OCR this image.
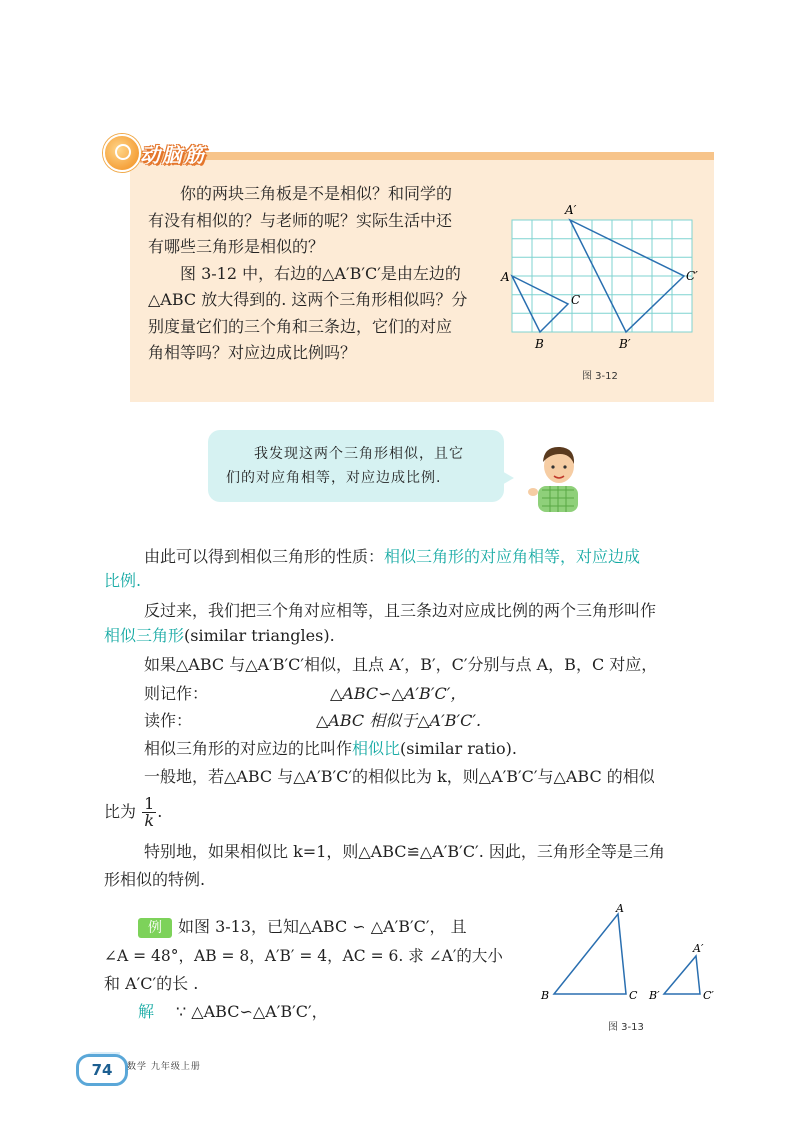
动脑筋

你的两块三角板是不是相似？和同学的

有没有相似的？与老师的呢？实际生活中还

有哪些三角形是相似的？

图 3-12 中，右边的△A′B′C′是由左边的

△ABC 放大得到的. 这两个三角形相似吗？分

别度量它们的三个角和三条边，它们的对应

角相等吗？对应边成比例吗？

A
B
C
A′
B′
C′
图 3-12
我发现这两个三角形相似，且它
们的对应角相等，对应边成比例.
由此可以得到相似三角形的性质：相似三角形的对应角相等，对应边成
比例.
反过来，我们把三个角对应相等，且三条边对应成比例的两个三角形叫作
相似三角形(similar triangles).
如果△ABC 与△A′B′C′相似，且点 A′，B′，C′分别与点 A，B，C 对应，
则记作：	△ABC∽△A′B′C′，
读作：	△ABC 相似于△A′B′C′.
相似三角形的对应边的比叫作相似比(similar ratio).
一般地，若△ABC 与△A′B′C′的相似比为 k，则△A′B′C′与△ABC 的相似
比为 $\frac{1}{k}$ .
特别地，如果相似比 k=1，则△ABC≌△A′B′C′. 因此，三角形全等是三角
形相似的特例.
例 如图 3-13，已知△ABC ∽ △A′B′C′， 且
∠A = 48°，AB = 8，A′B′ = 4，AC = 6. 求 ∠A′的大小
和 A′C′的长 .
解 ∵ △ABC∽△A′B′C′，
A
B	C
A′
B′	C′
图 3-13
74	数学 九年级上册
